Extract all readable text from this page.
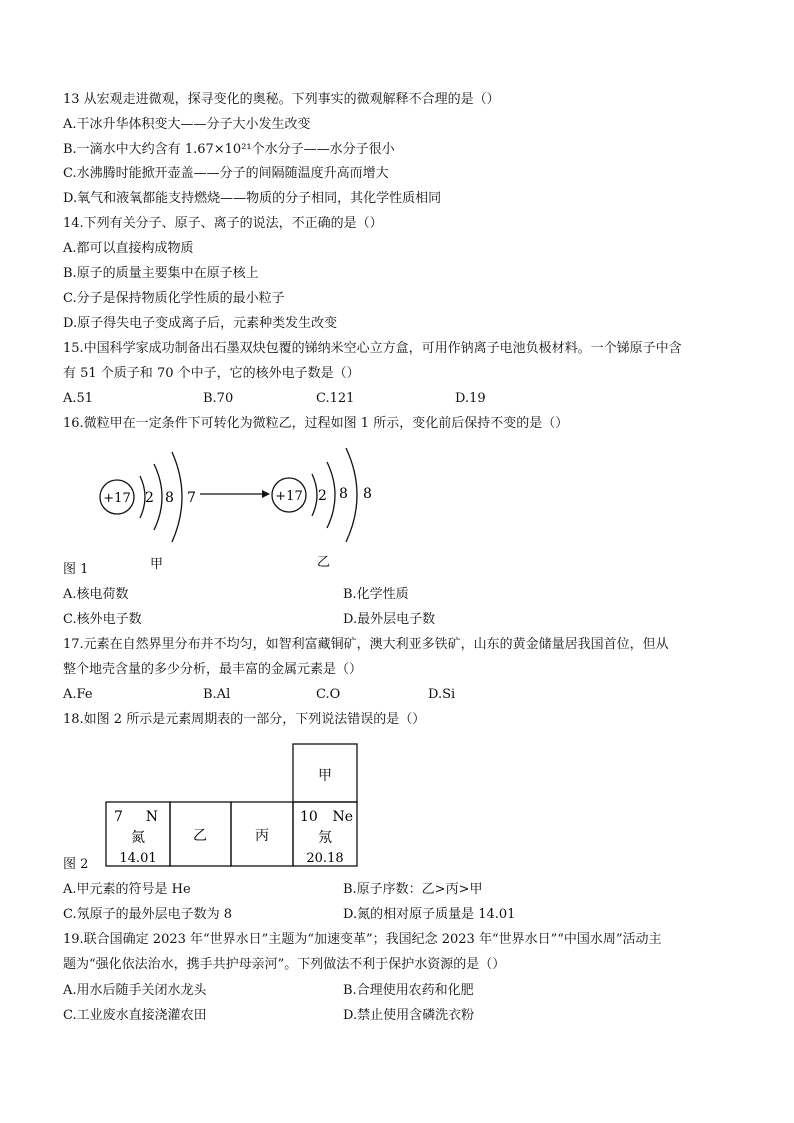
13 从宏观走进微观，探寻变化的奥秘。下列事实的微观解释不合理的是（）
A.干冰升华体积变大——分子大小发生改变
B.一滴水中大约含有 1.67×10²¹个水分子——水分子很小
C.水沸腾时能掀开壶盖——分子的间隔随温度升高而增大
D.氧气和液氧都能支持燃烧——物质的分子相同，其化学性质相同
14.下列有关分子、原子、离子的说法，不正确的是（）
A.都可以直接构成物质
B.原子的质量主要集中在原子核上
C.分子是保持物质化学性质的最小粒子
D.原子得失电子变成离子后，元素种类发生改变
15.中国科学家成功制备出石墨双炔包覆的锑纳米空心立方盒，可用作钠离子电池负极材料。一个锑原子中含
有 51 个质子和 70 个中子，它的核外电子数是（）
A.51	B.70	C.121	D.19
16.微粒甲在一定条件下可转化为微粒乙，过程如图 1 所示，变化前后保持不变的是（）
+17 2 8 7	+17 2 8 8
甲	乙
图 1
A.核电荷数	B.化学性质
C.核外电子数	D.最外层电子数
17.元素在自然界里分布并不均匀，如智利富藏铜矿，澳大利亚多铁矿，山东的黄金储量居我国首位，但从
整个地壳含量的多少分析，最丰富的金属元素是（）
A.Fe	B.Al	C.O	D.Si
18.如图 2 所示是元素周期表的一部分，下列说法错误的是（）
甲
7 N
氮
14.01
乙	丙
10 Ne
氖
20.18
图 2
A.甲元素的符号是 He	B.原子序数：乙>丙>甲
C.氖原子的最外层电子数为 8	D.氮的相对原子质量是 14.01
19.联合国确定 2023 年“世界水日”主题为“加速变革”；我国纪念 2023 年“世界水日”“中国水周”活动主
题为“强化依法治水，携手共护母亲河”。下列做法不利于保护水资源的是（）
A.用水后随手关闭水龙头	B.合理使用农药和化肥
C.工业废水直接浇灌农田	D.禁止使用含磷洗衣粉
